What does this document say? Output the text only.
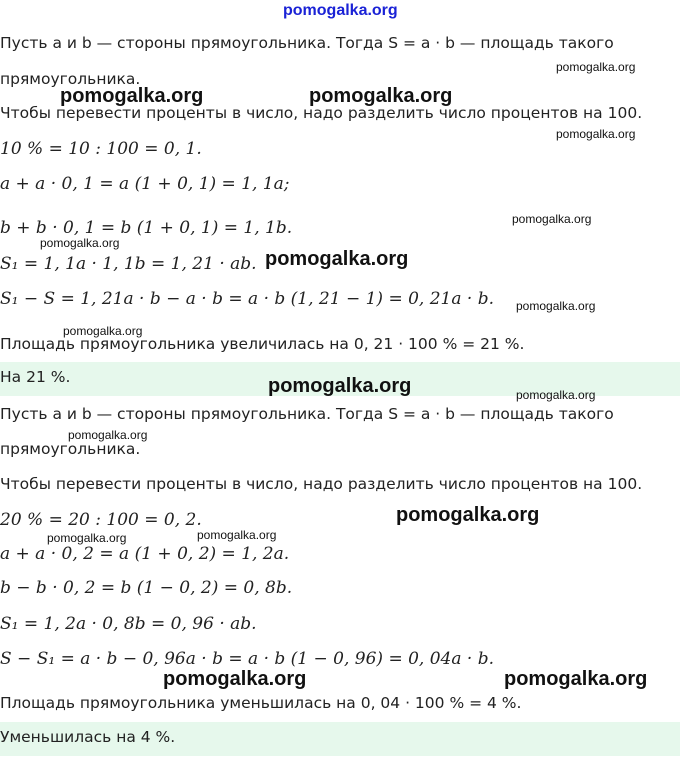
pomogalka.org
Пусть a и b — стороны прямоугольника. Тогда S = a · b — площадь такого
прямоугольника.
Чтобы перевести проценты в число, надо разделить число процентов на 100.
10 % = 10 : 100 = 0, 1.
a + a · 0, 1 = a (1 + 0, 1) = 1, 1a;
b + b · 0, 1 = b (1 + 0, 1) = 1, 1b.
S₁ = 1, 1a · 1, 1b = 1, 21 · ab.
S₁ − S = 1, 21a · b − a · b = a · b (1, 21 − 1) = 0, 21a · b.
Площадь прямоугольника увеличилась на 0, 21 · 100 % = 21 %.
На 21 %.
Пусть a и b — стороны прямоугольника. Тогда S = a · b — площадь такого
прямоугольника.
Чтобы перевести проценты в число, надо разделить число процентов на 100.
20 % = 20 : 100 = 0, 2.
a + a · 0, 2 = a (1 + 0, 2) = 1, 2a.
b − b · 0, 2 = b (1 − 0, 2) = 0, 8b.
S₁ = 1, 2a · 0, 8b = 0, 96 · ab.
S − S₁ = a · b − 0, 96a · b = a · b (1 − 0, 96) = 0, 04a · b.
Площадь прямоугольника уменьшилась на 0, 04 · 100 % = 4 %.
Уменьшилась на 4 %.
pomogalka.org
pomogalka.org	pomogalka.org
pomogalka.org
pomogalka.org
pomogalka.org
pomogalka.org
pomogalka.org
pomogalka.org
pomogalka.org	pomogalka.org
pomogalka.org
pomogalka.org
pomogalka.org	pomogalka.org
pomogalka.org	pomogalka.org
